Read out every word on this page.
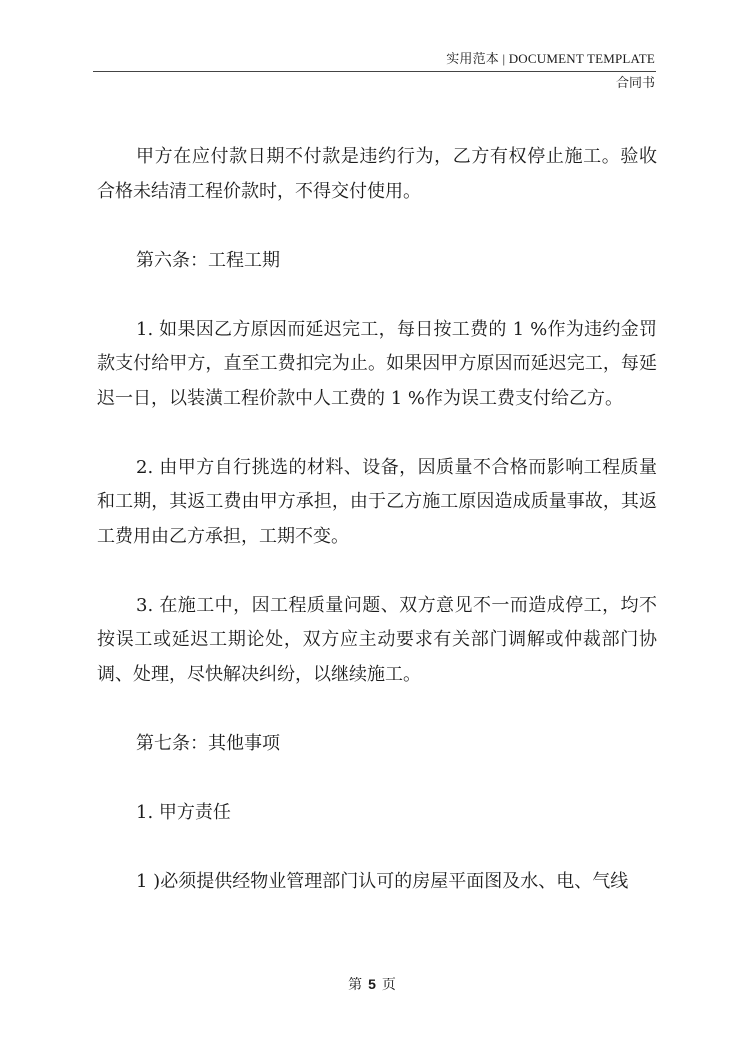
实用范本 | DOCUMENT TEMPLATE
合同书

甲方在应付款日期不付款是违约行为，乙方有权停止施工。验收合格未结清工程价款时，不得交付使用。

第六条：工程工期

1. 如果因乙方原因而延迟完工，每日按工费的 1 %作为违约金罚款支付给甲方，直至工费扣完为止。如果因甲方原因而延迟完工，每延迟一日，以装潢工程价款中人工费的 1 %作为误工费支付给乙方。

2. 由甲方自行挑选的材料、设备，因质量不合格而影响工程质量和工期，其返工费由甲方承担，由于乙方施工原因造成质量事故，其返工费用由乙方承担，工期不变。

3. 在施工中，因工程质量问题、双方意见不一而造成停工，均不按误工或延迟工期论处，双方应主动要求有关部门调解或仲裁部门协调、处理，尽快解决纠纷，以继续施工。

第七条：其他事项

1. 甲方责任

1 )必须提供经物业管理部门认可的房屋平面图及水、电、气线

第 5 页
